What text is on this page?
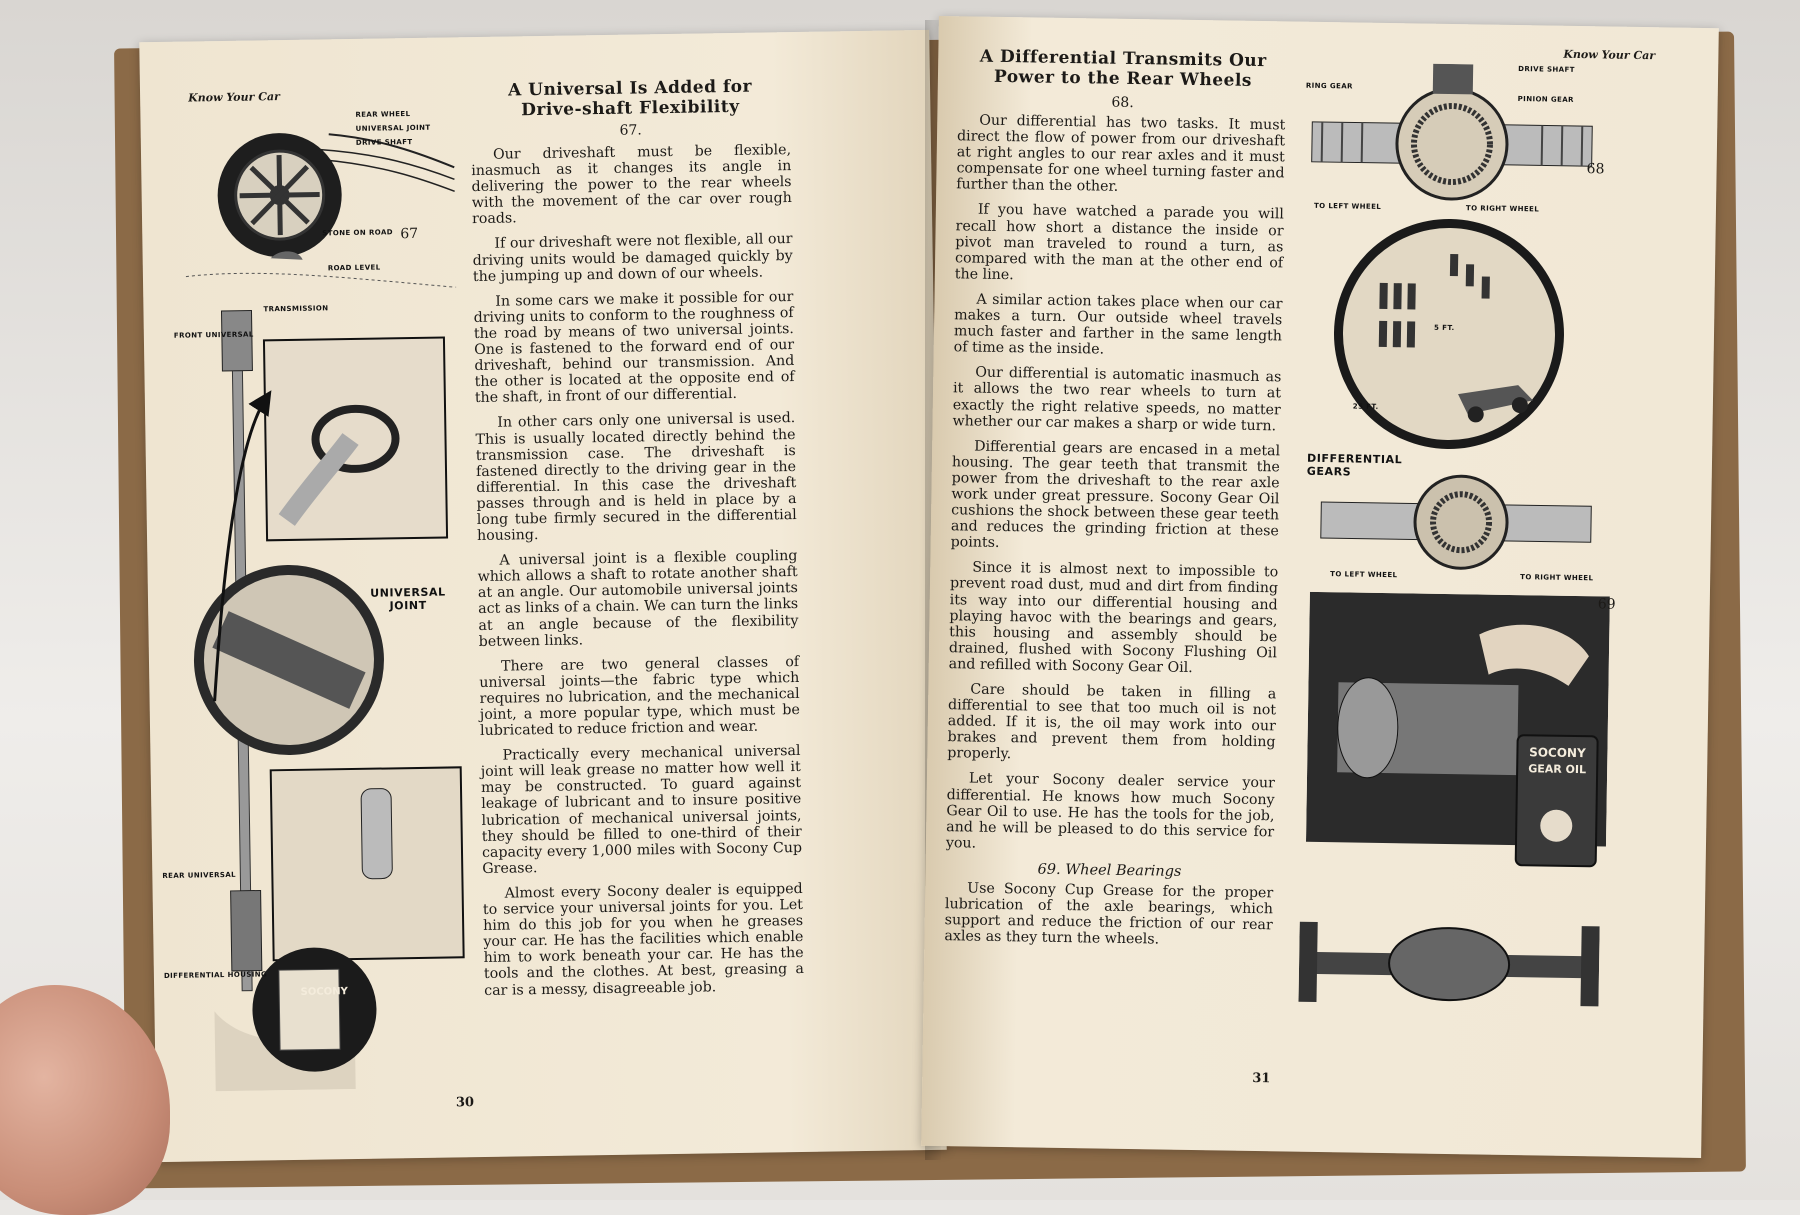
Know Your Car
REAR WHEEL
UNIVERSAL JOINT
DRIVE SHAFT
STONE ON ROAD
ROAD LEVEL
67
FRONT UNIVERSAL
TRANSMISSION
UNIVERSAL JOINT
REAR UNIVERSAL
DIFFERENTIAL HOUSING
SOCONY
A Universal Is Added for Drive-shaft Flexibility
67.

Our driveshaft must be flexible, inasmuch as it changes its angle in delivering the power to the rear wheels with the movement of the car over rough roads.

If our driveshaft were not flexible, all our driving units would be damaged quickly by the jumping up and down of our wheels.

In some cars we make it possible for our driving units to conform to the roughness of the road by means of two universal joints. One is fastened to the forward end of our driveshaft, behind our transmission. And the other is located at the opposite end of the shaft, in front of our differential.

In other cars only one universal is used. This is usually located directly behind the transmission case. The driveshaft is fastened directly to the driving gear in the differential. In this case the driveshaft passes through and is held in place by a long tube firmly secured in the differential housing.

A universal joint is a flexible coupling which allows a shaft to rotate another shaft at an angle. Our automobile universal joints act as links of a chain. We can turn the links at an angle because of the flexibility between links.

There are two general classes of universal joints—the fabric type which requires no lubrication, and the mechanical joint, a more popular type, which must be lubricated to reduce friction and wear.

Practically every mechanical universal joint will leak grease no matter how well it may be constructed. To guard against leakage of lubricant and to insure positive lubrication of mechanical universal joints, they should be filled to one-third of their capacity every 1,000 miles with Socony Cup Grease.

Almost every Socony dealer is equipped to service your universal joints for you. Let him do this job for you when he greases your car. He has the facilities which enable him to work beneath your car. He has the tools and the clothes. At best, greasing a car is a messy, disagreeable job.

30
Know Your Car
A Differential Transmits Our Power to the Rear Wheels
68.

Our differential has two tasks. It must direct the flow of power from our driveshaft at right angles to our rear axles and it must compensate for one wheel turning faster and further than the other.

If you have watched a parade you will recall how short a distance the inside or pivot man traveled to round a turn, as compared with the man at the other end of the line.

A similar action takes place when our car makes a turn. Our outside wheel travels much faster and farther in the same length of time as the inside.

Our differential is automatic inasmuch as it allows the two rear wheels to turn at exactly the right relative speeds, no matter whether our car makes a sharp or wide turn.

Differential gears are encased in a metal housing. The gear teeth that transmit the power from the driveshaft to the rear axle work under great pressure. Socony Gear Oil cushions the shock between these gear teeth and reduces the grinding friction at these points.

Since it is almost next to impossible to prevent road dust, mud and dirt from finding its way into our differential housing and playing havoc with the bearings and gears, this housing and assembly should be drained, flushed with Socony Flushing Oil and refilled with Socony Gear Oil.

Care should be taken in filling a differential to see that too much oil is not added. If it is, the oil may work into our brakes and prevent them from holding properly.

Let your Socony dealer service your differential. He knows how much Socony Gear Oil to use. He has the tools for the job, and he will be pleased to do this service for you.

69. Wheel Bearings

Use Socony Cup Grease for the proper lubrication of the axle bearings, which support and reduce the friction of our rear axles as they turn the wheels.

31
RING GEAR
DRIVE SHAFT
PINION GEAR
TO LEFT WHEEL	TO RIGHT WHEEL
68
5 FT.
25 FT.
DIFFERENTIAL GEARS
TO LEFT WHEEL	TO RIGHT WHEEL
SOCONY
GEAR OIL
69
